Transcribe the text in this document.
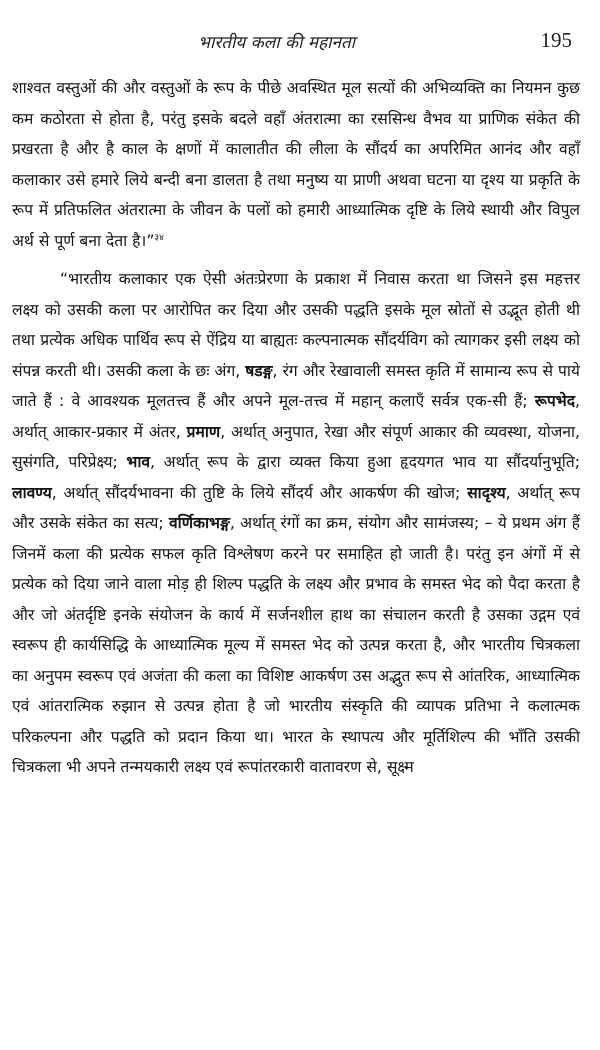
भारतीय कला की महानता	195

शाश्वत वस्तुओं की और वस्तुओं के रूप के पीछे अवस्थित मूल सत्यों की अभिव्यक्ति का नियमन कुछ कम कठोरता से होता है, परंतु इसके बदले वहाँ अंतरात्मा का रससिन्ध वैभव या प्राणिक संकेत की प्रखरता है और है काल के क्षणों में कालातीत की लीला के सौंदर्य का अपरिमित आनंद और वहाँ कलाकार उसे हमारे लिये बन्दी बना डालता है तथा मनुष्य या प्राणी अथवा घटना या दृश्य या प्रकृति के रूप में प्रतिफलित अंतरात्मा के जीवन के पलों को हमारी आध्यात्मिक दृष्टि के लिये स्थायी और विपुल अर्थ से पूर्ण बना देता है।”$^{३४}$

“भारतीय कलाकार एक ऐसी अंतःप्रेरणा के प्रकाश में निवास करता था जिसने इस महत्तर लक्ष्य को उसकी कला पर आरोपित कर दिया और उसकी पद्धति इसके मूल स्रोतों से उद्भूत होती थी तथा प्रत्येक अधिक पार्थिव रूप से ऐंद्रिय या बाह्यतः कल्पनात्मक सौंदर्यविग को त्यागकर इसी लक्ष्य को संपन्न करती थी। उसकी कला के छः अंग, षडङ्ग, रंग और रेखावाली समस्त कृति में सामान्य रूप से पाये जाते हैं : वे आवश्यक मूलतत्त्व हैं और अपने मूल-तत्त्व में महान् कलाएँ सर्वत्र एक-सी हैं; रूपभेद, अर्थात् आकार-प्रकार में अंतर, प्रमाण, अर्थात् अनुपात, रेखा और संपूर्ण आकार की व्यवस्था, योजना, सुसंगति, परिप्रेक्ष्य; भाव, अर्थात् रूप के द्वारा व्यक्त किया हुआ हृदयगत भाव या सौंदर्यानुभूति; लावण्य, अर्थात् सौंदर्यभावना की तुष्टि के लिये सौंदर्य और आकर्षण की खोज; सादृश्य, अर्थात् रूप और उसके संकेत का सत्य; वर्णिकाभङ्ग, अर्थात् रंगों का क्रम, संयोग और सामंजस्य; – ये प्रथम अंग हैं जिनमें कला की प्रत्येक सफल कृति विश्लेषण करने पर समाहित हो जाती है। परंतु इन अंगों में से प्रत्येक को दिया जाने वाला मोड़ ही शिल्प पद्धति के लक्ष्य और प्रभाव के समस्त भेद को पैदा करता है और जो अंतर्दृष्टि इनके संयोजन के कार्य में सर्जनशील हाथ का संचालन करती है उसका उद्गम एवं स्वरूप ही कार्यसिद्धि के आध्यात्मिक मूल्य में समस्त भेद को उत्पन्न करता है, और भारतीय चित्रकला का अनुपम स्वरूप एवं अजंता की कला का विशिष्ट आकर्षण उस अद्भुत रूप से आंतरिक, आध्यात्मिक एवं आंतरात्मिक रुझान से उत्पन्न होता है जो भारतीय संस्कृति की व्यापक प्रतिभा ने कलात्मक परिकल्पना और पद्धति को प्रदान किया था। भारत के स्थापत्य और मूर्तिशिल्प की भाँति उसकी चित्रकला भी अपने तन्मयकारी लक्ष्य एवं रूपांतरकारी वातावरण से, सूक्ष्म
